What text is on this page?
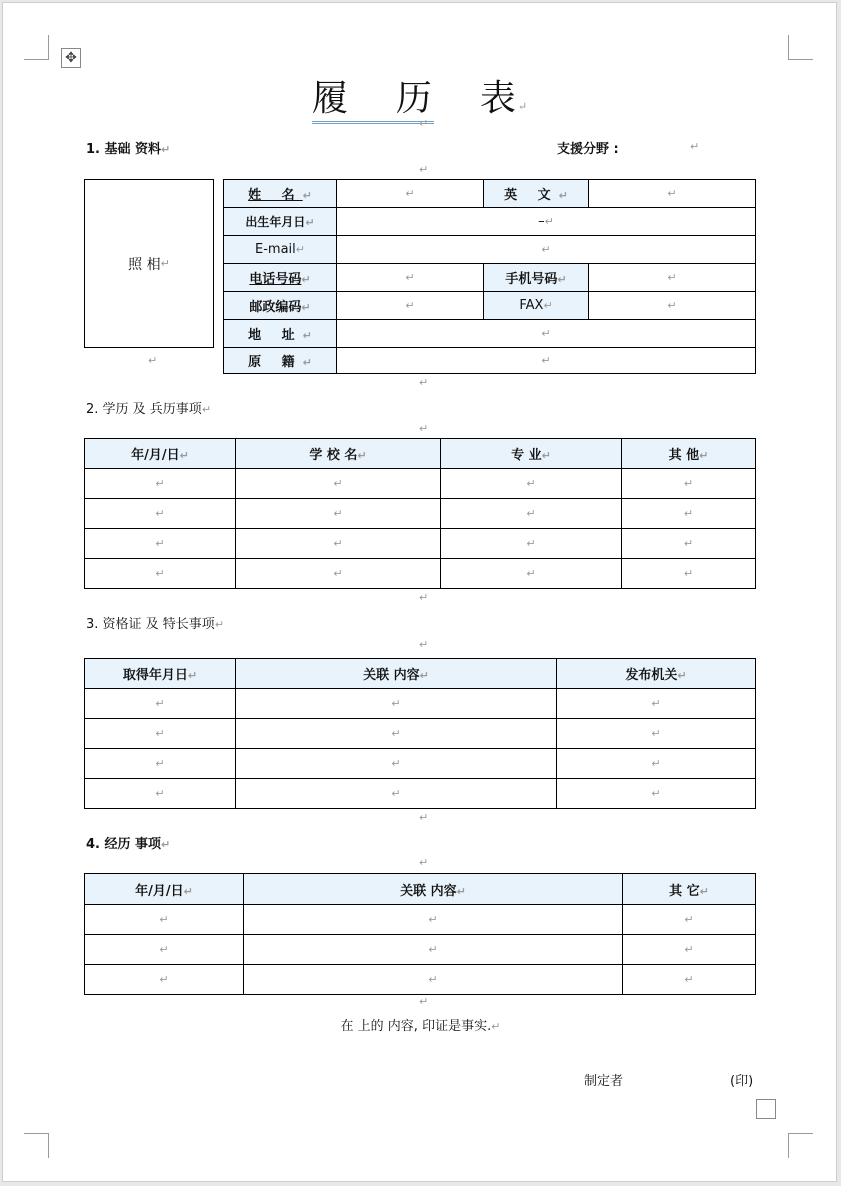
✥
履 历 表↵
↵
1. 基础 资料↵	支援分野 :	↵
↵
照 相 ↵
↵
姓 名↵	↵	英 文↵	↵
出生年月日↵	–↵		
E-mail↵	↵		
电话号码↵	↵	手机号码↵	↵
邮政编码↵	↵	FAX↵	↵
地 址↵	↵		
原 籍↵	↵		
↵
2. 学历 及 兵历事项↵
↵
年/月/日↵	学 校 名↵	专 业↵	其 他↵
↵	↵	↵	↵
↵	↵	↵	↵
↵	↵	↵	↵
↵	↵	↵	↵
↵
3. 资格证 及 特长事项↵
↵
取得年月日↵	关联 内容↵	发布机关↵
↵	↵	↵
↵	↵	↵
↵	↵	↵
↵	↵	↵
↵
4. 经历 事项↵
↵
年/月/日↵	关联 内容↵	其 它↵
↵	↵	↵
↵	↵	↵
↵	↵	↵
↵
在 上的 内容, 印证是事实.↵
制定者	(印)
